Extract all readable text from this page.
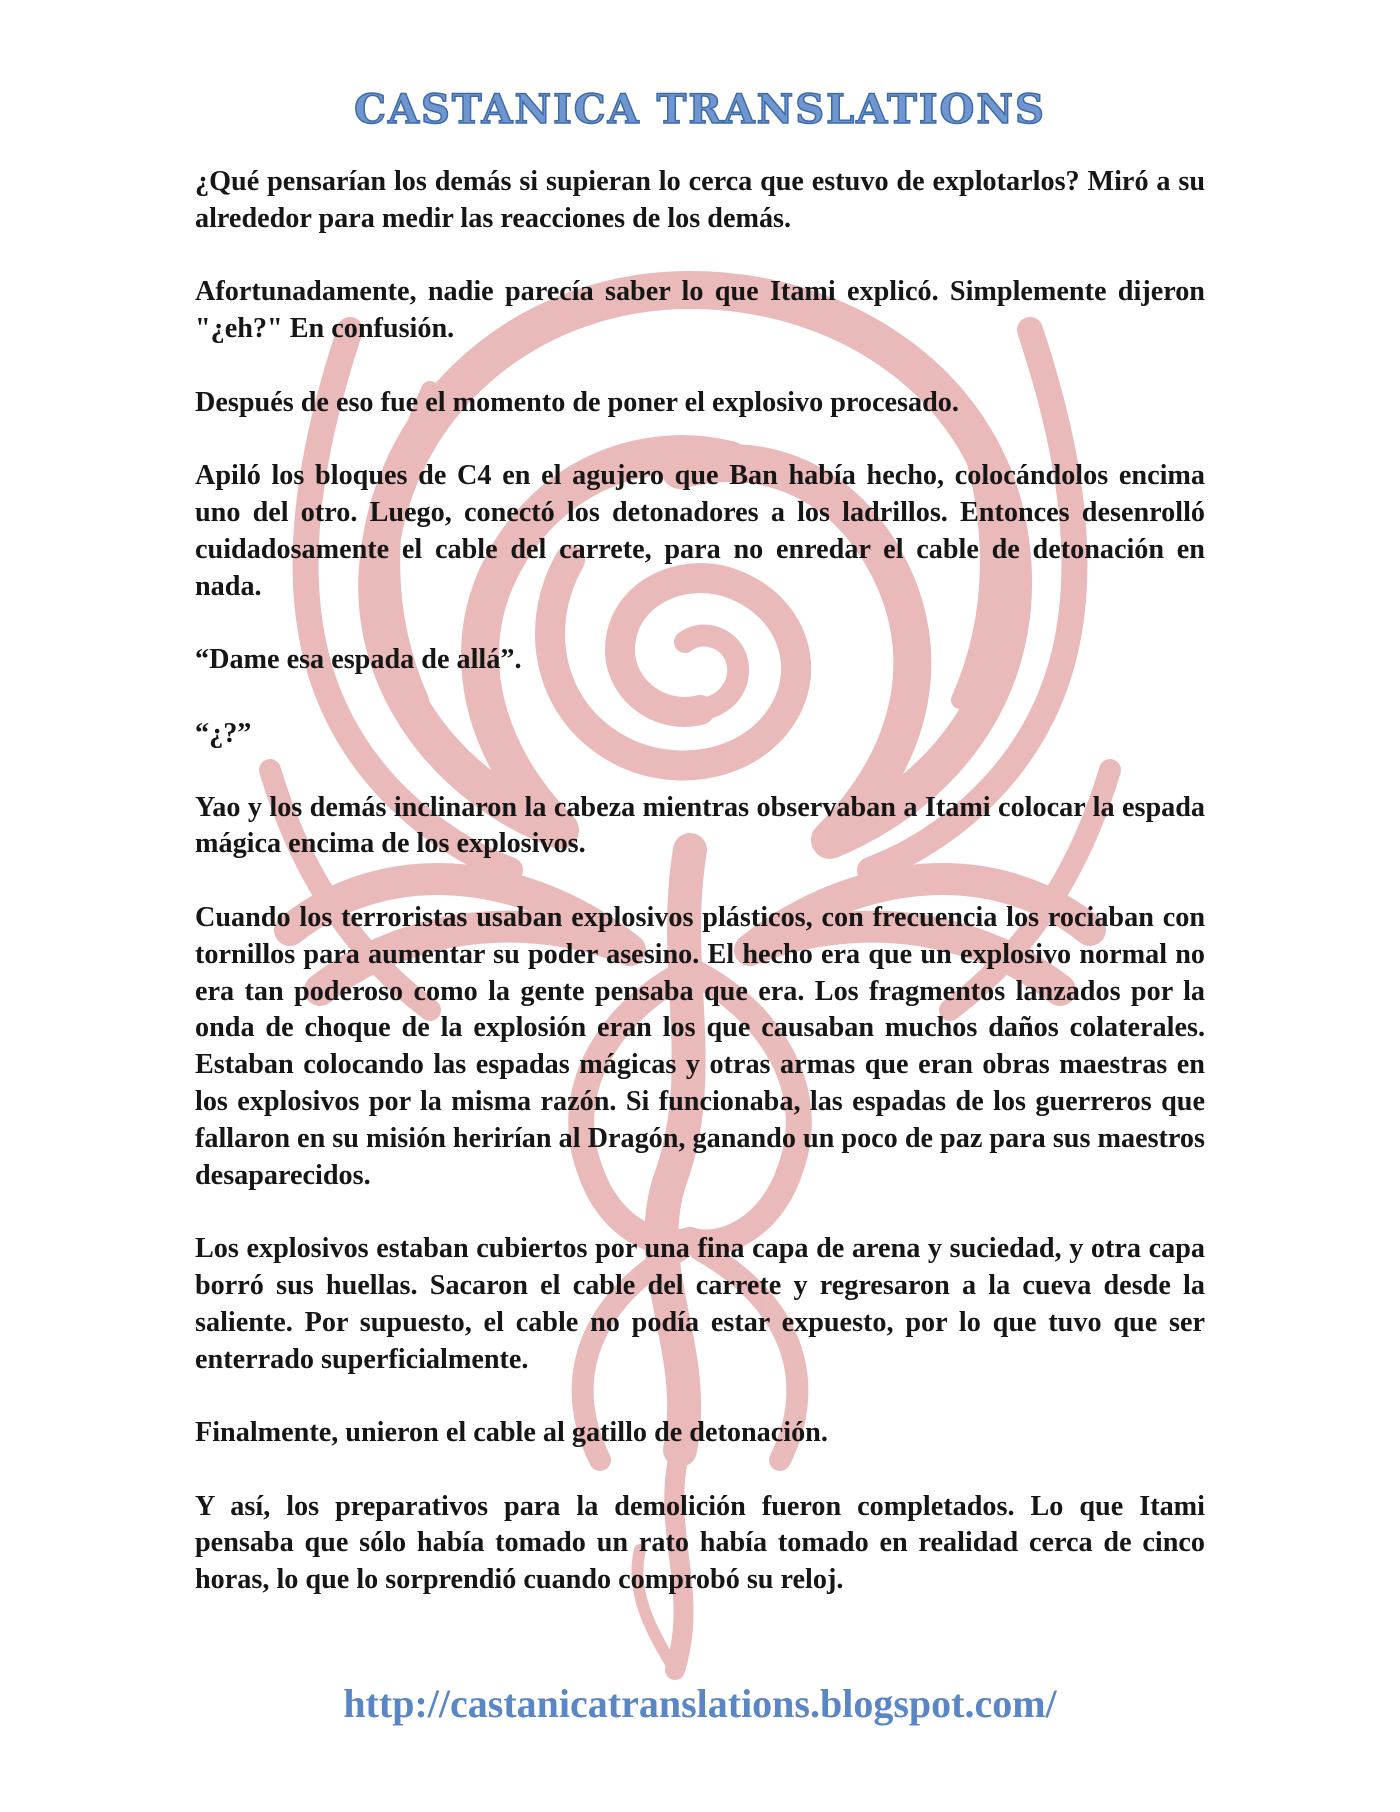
CASTANICA TRANSLATIONS

¿Qué pensarían los demás si supieran lo cerca que estuvo de explotarlos? Miró a su alrededor para medir las reacciones de los demás.

Afortunadamente, nadie parecía saber lo que Itami explicó. Simplemente dijeron "¿eh?" En confusión.

Después de eso fue el momento de poner el explosivo procesado.

Apiló los bloques de C4 en el agujero que Ban había hecho, colocándolos encima uno del otro. Luego, conectó los detonadores a los ladrillos. Entonces desenrolló cuidadosamente el cable del carrete, para no enredar el cable de detonación en nada.

“Dame esa espada de allá”.

“¿?”

Yao y los demás inclinaron la cabeza mientras observaban a Itami colocar la espada mágica encima de los explosivos.

Cuando los terroristas usaban explosivos plásticos, con frecuencia los rociaban con tornillos para aumentar su poder asesino. El hecho era que un explosivo normal no era tan poderoso como la gente pensaba que era. Los fragmentos lanzados por la onda de choque de la explosión eran los que causaban muchos daños colaterales. Estaban colocando las espadas mágicas y otras armas que eran obras maestras en los explosivos por la misma razón. Si funcionaba, las espadas de los guerreros que fallaron en su misión herirían al Dragón, ganando un poco de paz para sus maestros desaparecidos.

Los explosivos estaban cubiertos por una fina capa de arena y suciedad, y otra capa borró sus huellas. Sacaron el cable del carrete y regresaron a la cueva desde la saliente. Por supuesto, el cable no podía estar expuesto, por lo que tuvo que ser enterrado superficialmente.

Finalmente, unieron el cable al gatillo de detonación.

Y así, los preparativos para la demolición fueron completados. Lo que Itami pensaba que sólo había tomado un rato había tomado en realidad cerca de cinco horas, lo que lo sorprendió cuando comprobó su reloj.

http://castanicatranslations.blogspot.com/
